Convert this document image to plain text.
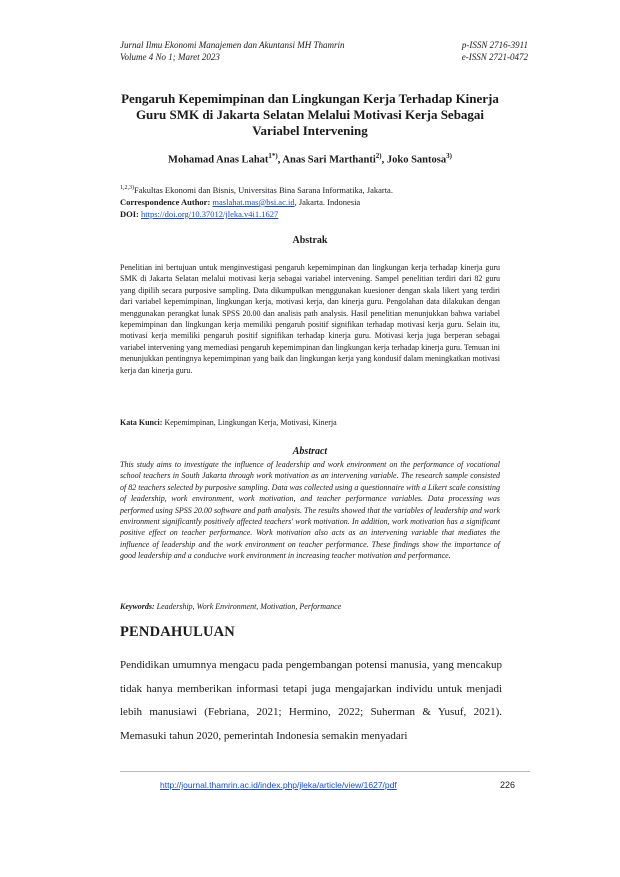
Jurnal Ilmu Ekonomi Manajemen dan Akuntansi MH Thamrin
Volume 4 No 1; Maret 2023
p-ISSN 2716-3911
e-ISSN 2721-0472
Pengaruh Kepemimpinan dan Lingkungan Kerja Terhadap Kinerja Guru SMK di Jakarta Selatan Melalui Motivasi Kerja Sebagai Variabel Intervening
Mohamad Anas Lahat$^{1*)}$, Anas Sari Marthanti$^{2)}$, Joko Santosa$^{3)}$
$^{1,2,3)}$Fakultas Ekonomi dan Bisnis, Universitas Bina Sarana Informatika, Jakarta.
Correspondence Author: maslahat.mas@bsi.ac.id, Jakarta. Indonesia
DOI: https://doi.org/10.37012/jleka.v4i1.1627
Abstrak
Penelitian ini bertujuan untuk menginvestigasi pengaruh kepemimpinan dan lingkungan kerja terhadap kinerja guru SMK di Jakarta Selatan melalui motivasi kerja sebagai variabel intervening. Sampel penelitian terdiri dari 82 guru yang dipilih secara purposive sampling. Data dikumpulkan menggunakan kuesioner dengan skala likert yang terdiri dari variabel kepemimpinan, lingkungan kerja, motivasi kerja, dan kinerja guru. Pengolahan data dilakukan dengan menggunakan perangkat lunak SPSS 20.00 dan analisis path analysis. Hasil penelitian menunjukkan bahwa variabel kepemimpinan dan lingkungan kerja memiliki pengaruh positif signifikan terhadap motivasi kerja guru. Selain itu, motivasi kerja memiliki pengaruh positif signifikan terhadap kinerja guru. Motivasi kerja juga berperan sebagai variabel intervening yang memediasi pengaruh kepemimpinan dan lingkungan kerja terhadap kinerja guru. Temuan ini menunjukkan pentingnya kepemimpinan yang baik dan lingkungan kerja yang kondusif dalam meningkatkan motivasi kerja dan kinerja guru.
Kata Kunci: Kepemimpinan, Lingkungan Kerja, Motivasi, Kinerja
Abstract
This study aims to investigate the influence of leadership and work environment on the performance of vocational school teachers in South Jakarta through work motivation as an intervening variable. The research sample consisted of 82 teachers selected by purposive sampling. Data was collected using a questionnaire with a Likert scale consisting of leadership, work environment, work motivation, and teacher performance variables. Data processing was performed using SPSS 20.00 software and path analysis. The results showed that the variables of leadership and work environment significantly positively affected teachers' work motivation. In addition, work motivation has a significant positive effect on teacher performance. Work motivation also acts as an intervening variable that mediates the influence of leadership and the work environment on teacher performance. These findings show the importance of good leadership and a conducive work environment in increasing teacher motivation and performance.
Keywords: Leadership, Work Environment, Motivation, Performance
PENDAHULUAN
Pendidikan umumnya mengacu pada pengembangan potensi manusia, yang mencakup tidak hanya memberikan informasi tetapi juga mengajarkan individu untuk menjadi lebih manusiawi (Febriana, 2021; Hermino, 2022; Suherman & Yusuf, 2021). Memasuki tahun 2020, pemerintah Indonesia semakin menyadari
http://journal.thamrin.ac.id/index.php/jleka/article/view/1627/pdf	226
